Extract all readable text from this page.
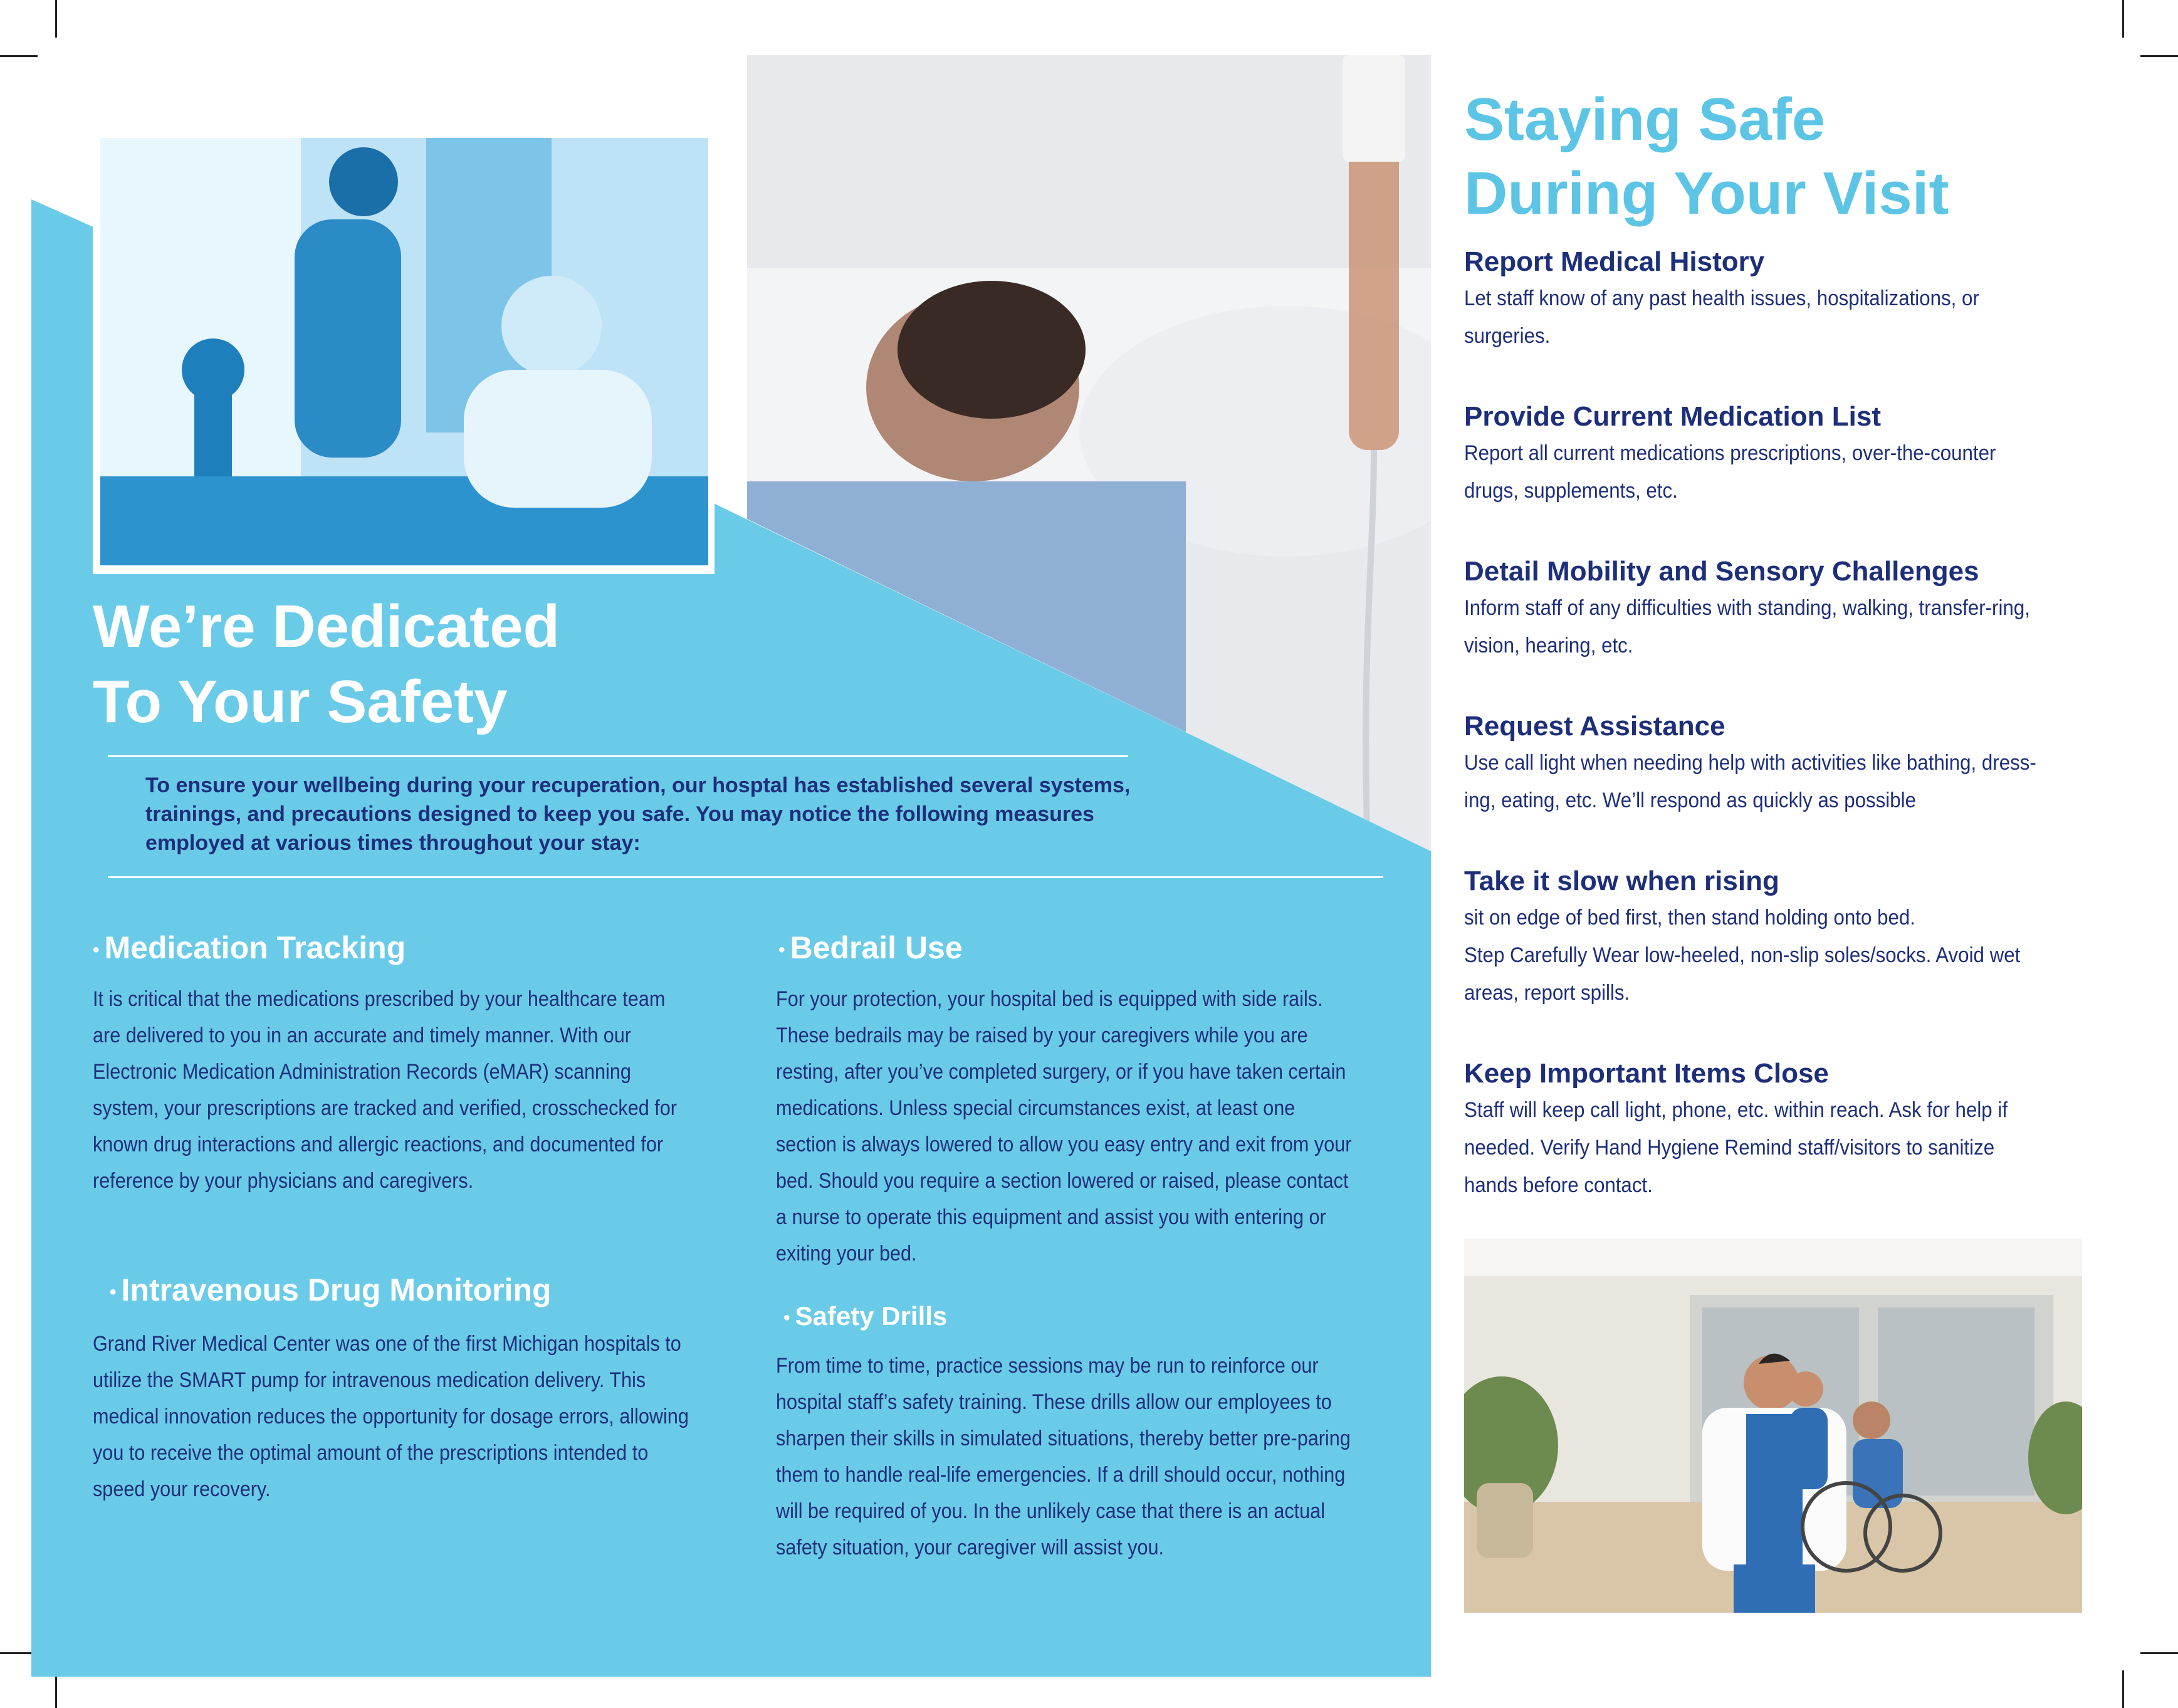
We’re Dedicated

To Your Safety

To ensure your wellbeing during your recuperation, our hosptal has established several systems, trainings, and precautions designed to keep you safe. You may notice the following measures employed at various times throughout your stay:
• Medication Tracking
It is critical that the medications prescribed by your healthcare team are delivered to you in an accurate and timely manner. With our Electronic Medication Administration Records (eMAR) scanning system, your prescriptions are tracked and verified, crosschecked for known drug interactions and allergic reactions, and documented for reference by your physicians and caregivers.
• Intravenous Drug Monitoring
Grand River Medical Center was one of the first Michigan hospitals to utilize the SMART pump for intravenous medication delivery. This medical innovation reduces the opportunity for dosage errors, allowing you to receive the optimal amount of the prescriptions intended to speed your recovery.
• Bedrail Use
For your protection, your hospital bed is equipped with side rails. These bedrails may be raised by your caregivers while you are resting, after you’ve completed surgery, or if you have taken certain medications. Unless special circumstances exist, at least one section is always lowered to allow you easy entry and exit from your bed. Should you require a section lowered or raised, please contact a nurse to operate this equipment and assist you with entering or exiting your bed.
• Safety Drills
From time to time, practice sessions may be run to reinforce our hospital staff’s safety training. These drills allow our employees to sharpen their skills in simulated situations, thereby better pre-paring them to handle real-life emergencies. If a drill should occur, nothing will be required of you. In the unlikely case that there is an actual safety situation, your caregiver will assist you.

Staying Safe

During Your Visit

Report Medical History
Let staff know of any past health issues, hospitalizations, or surgeries.
Provide Current Medication List
Report all current medications prescriptions, over-the-counter drugs, supplements, etc.
Detail Mobility and Sensory Challenges
Inform staff of any difficulties with standing, walking, transfer-ring, vision, hearing, etc.
Request Assistance
Use call light when needing help with activities like bathing, dress-ing, eating, etc. We’ll respond as quickly as possible
Take it slow when rising
sit on edge of bed first, then stand holding onto bed.
Step Carefully Wear low-heeled, non-slip soles/socks. Avoid wet areas, report spills.
Keep Important Items Close
Staff will keep call light, phone, etc. within reach. Ask for help if needed. Verify Hand Hygiene Remind staff/visitors to sanitize hands before contact.
